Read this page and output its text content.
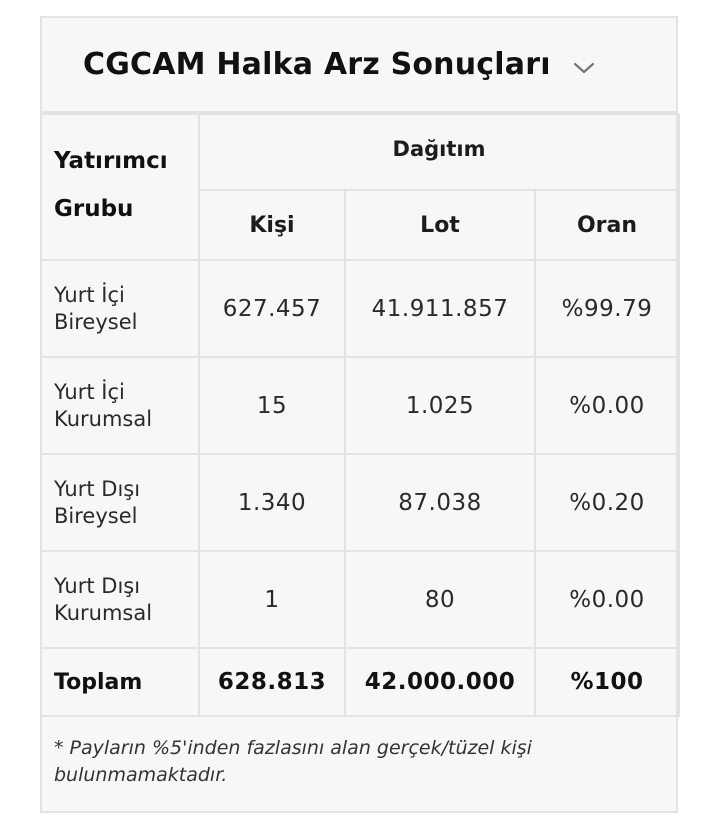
CGCAM Halka Arz Sonuçları
Yatırımcı
Grubu	Dağıtım		
	Kişi	Lot	Oran
Yurt İçi
Bireysel	627.457	41.911.857	%99.79
Yurt İçi
Kurumsal	15	1.025	%0.00
Yurt Dışı
Bireysel	1.340	87.038	%0.20
Yurt Dışı
Kurumsal	1	80	%0.00
Toplam	628.813	42.000.000	%100
* Payların %5'inden fazlasını alan gerçek/tüzel kişi bulunmamaktadır.
